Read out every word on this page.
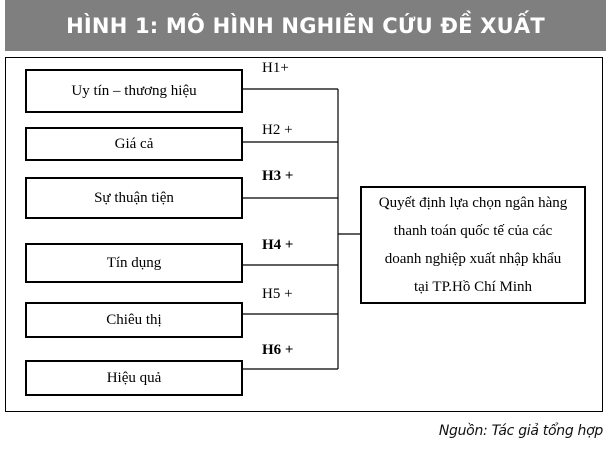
HÌNH 1: MÔ HÌNH NGHIÊN CỨU ĐỀ XUẤT
Uy tín – thương hiệu
Giá cả
Sự thuận tiện
Tín dụng
Chiêu thị
Hiệu quả
H1+
H2 +
H3 +
H4 +
H5 +
H6 +
Quyết định lựa chọn ngân hàng
thanh toán quốc tế của các
doanh nghiệp xuất nhập khẩu
tại TP.Hồ Chí Minh
Nguồn: Tác giả tổng hợp
